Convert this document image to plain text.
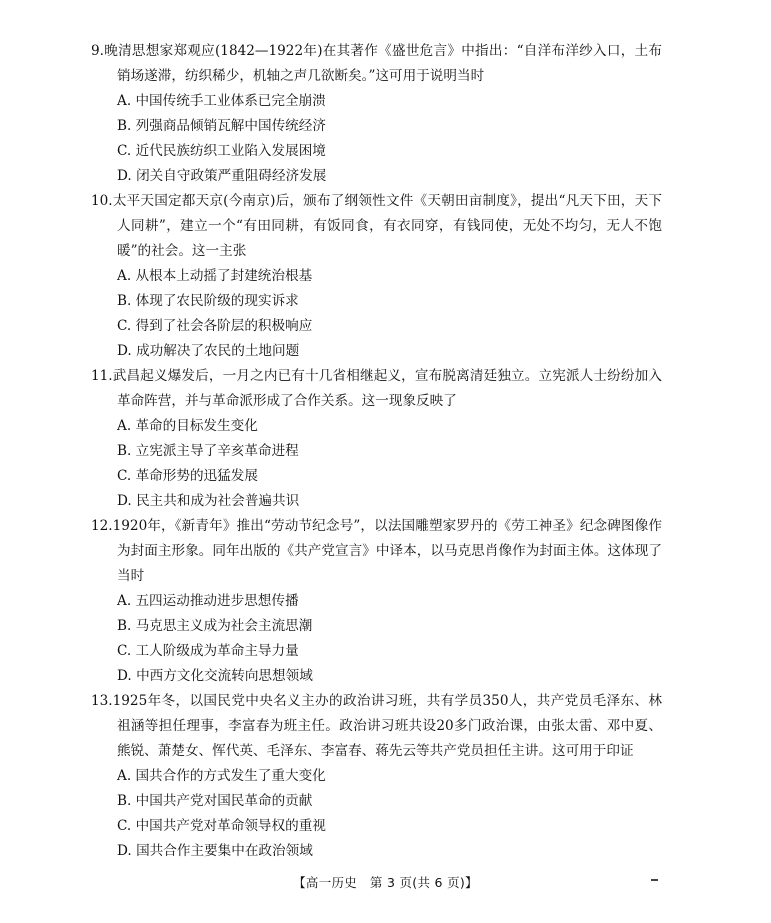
9.晚清思想家郑观应(1842—1922年)在其著作《盛世危言》中指出：“自洋布洋纱入口，土布销场遂滞，纺织稀少，机轴之声几欲断矣。”这可用于说明当时

A. 中国传统手工业体系已完全崩溃

B. 列强商品倾销瓦解中国传统经济

C. 近代民族纺织工业陷入发展困境

D. 闭关自守政策严重阻碍经济发展

10.太平天国定都天京(今南京)后，颁布了纲领性文件《天朝田亩制度》，提出“凡天下田，天下人同耕”，建立一个“有田同耕，有饭同食，有衣同穿，有钱同使，无处不均匀，无人不饱暖”的社会。这一主张

A. 从根本上动摇了封建统治根基

B. 体现了农民阶级的现实诉求

C. 得到了社会各阶层的积极响应

D. 成功解决了农民的土地问题

11.武昌起义爆发后，一月之内已有十几省相继起义，宣布脱离清廷独立。立宪派人士纷纷加入革命阵营，并与革命派形成了合作关系。这一现象反映了

A. 革命的目标发生变化

B. 立宪派主导了辛亥革命进程

C. 革命形势的迅猛发展

D. 民主共和成为社会普遍共识

12.1920年，《新青年》推出“劳动节纪念号”，以法国雕塑家罗丹的《劳工神圣》纪念碑图像作为封面主形象。同年出版的《共产党宣言》中译本，以马克思肖像作为封面主体。这体现了当时

A. 五四运动推动进步思想传播

B. 马克思主义成为社会主流思潮

C. 工人阶级成为革命主导力量

D. 中西方文化交流转向思想领域

13.1925年冬，以国民党中央名义主办的政治讲习班，共有学员350人，共产党员毛泽东、林祖涵等担任理事，李富春为班主任。政治讲习班共设20多门政治课，由张太雷、邓中夏、熊锐、萧楚女、恽代英、毛泽东、李富春、蒋先云等共产党员担任主讲。这可用于印证

A. 国共合作的方式发生了重大变化

B. 中国共产党对国民革命的贡献

C. 中国共产党对革命领导权的重视

D. 国共合作主要集中在政治领域

【高一历史　第 3 页(共 6 页)】
